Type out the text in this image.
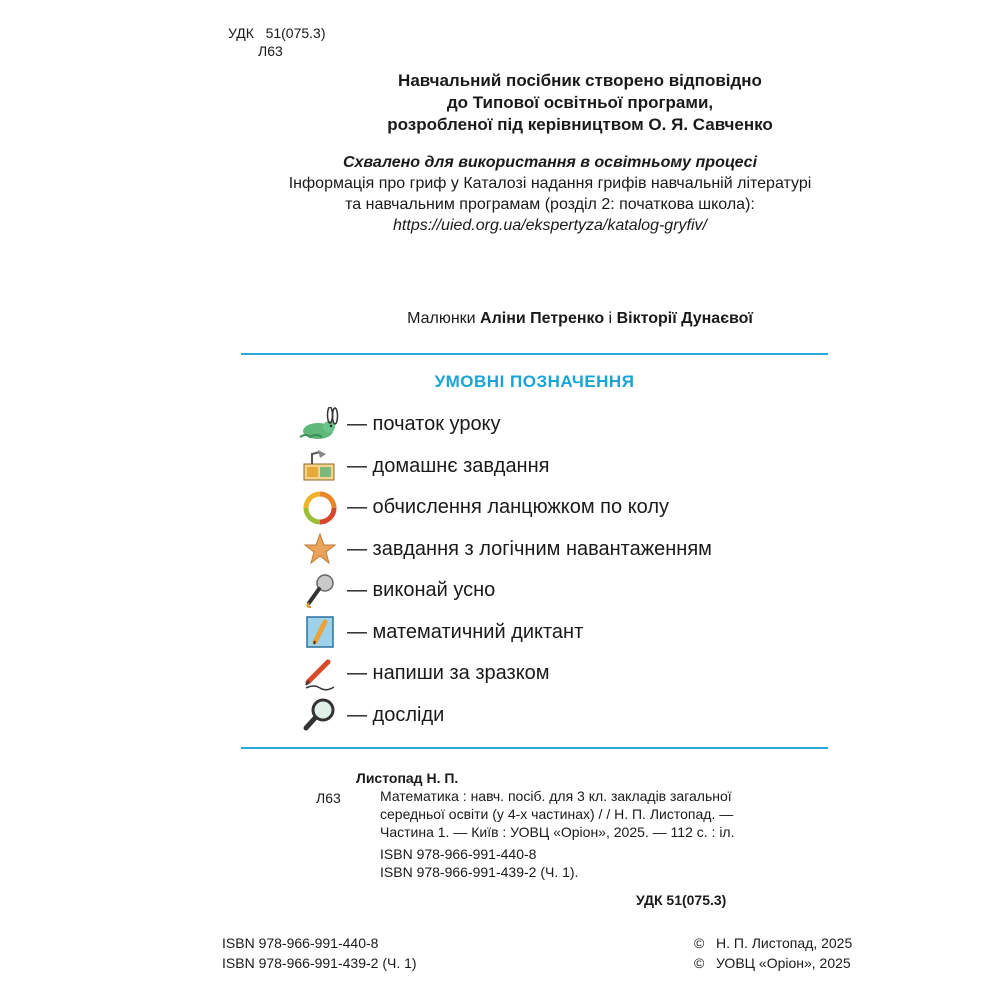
УДК   51(075.3)
Л63
Навчальний посібник створено відповідно
до Типової освітньої програми,
розробленої під керівництвом О. Я. Савченко
Схвалено для використання в освітньому процесі
Інформація про гриф у Каталозі надання грифів навчальній літературі
та навчальним програмам (розділ 2: початкова школа):
https://uied.org.ua/ekspertyza/katalog-gryfiv/
Малюнки Аліни Петренко і Вікторії Дунаєвої
УМОВНІ ПОЗНАЧЕННЯ
— початок уроку
— домашнє завдання
— обчислення ланцюжком по колу
— завдання з логічним навантаженням
— виконай усно
— математичний диктант
— напиши за зразком
— досліди
Листопад Н. П.
Л63	Математика : навч. посіб. для 3 кл. закладів загальної середньої освіти (у 4-х частинах) / / Н. П. Листопад. — Частина 1. — Київ : УОВЦ «Оріон», 2025. — 112 с. : іл.
ISBN 978-966-991-440-8
ISBN 978-966-991-439-2 (Ч. 1).
УДК 51(075.3)
ISBN 978-966-991-440-8
ISBN 978-966-991-439-2 (Ч. 1)
© Н. П. Листопад, 2025
© УОВЦ «Оріон», 2025
